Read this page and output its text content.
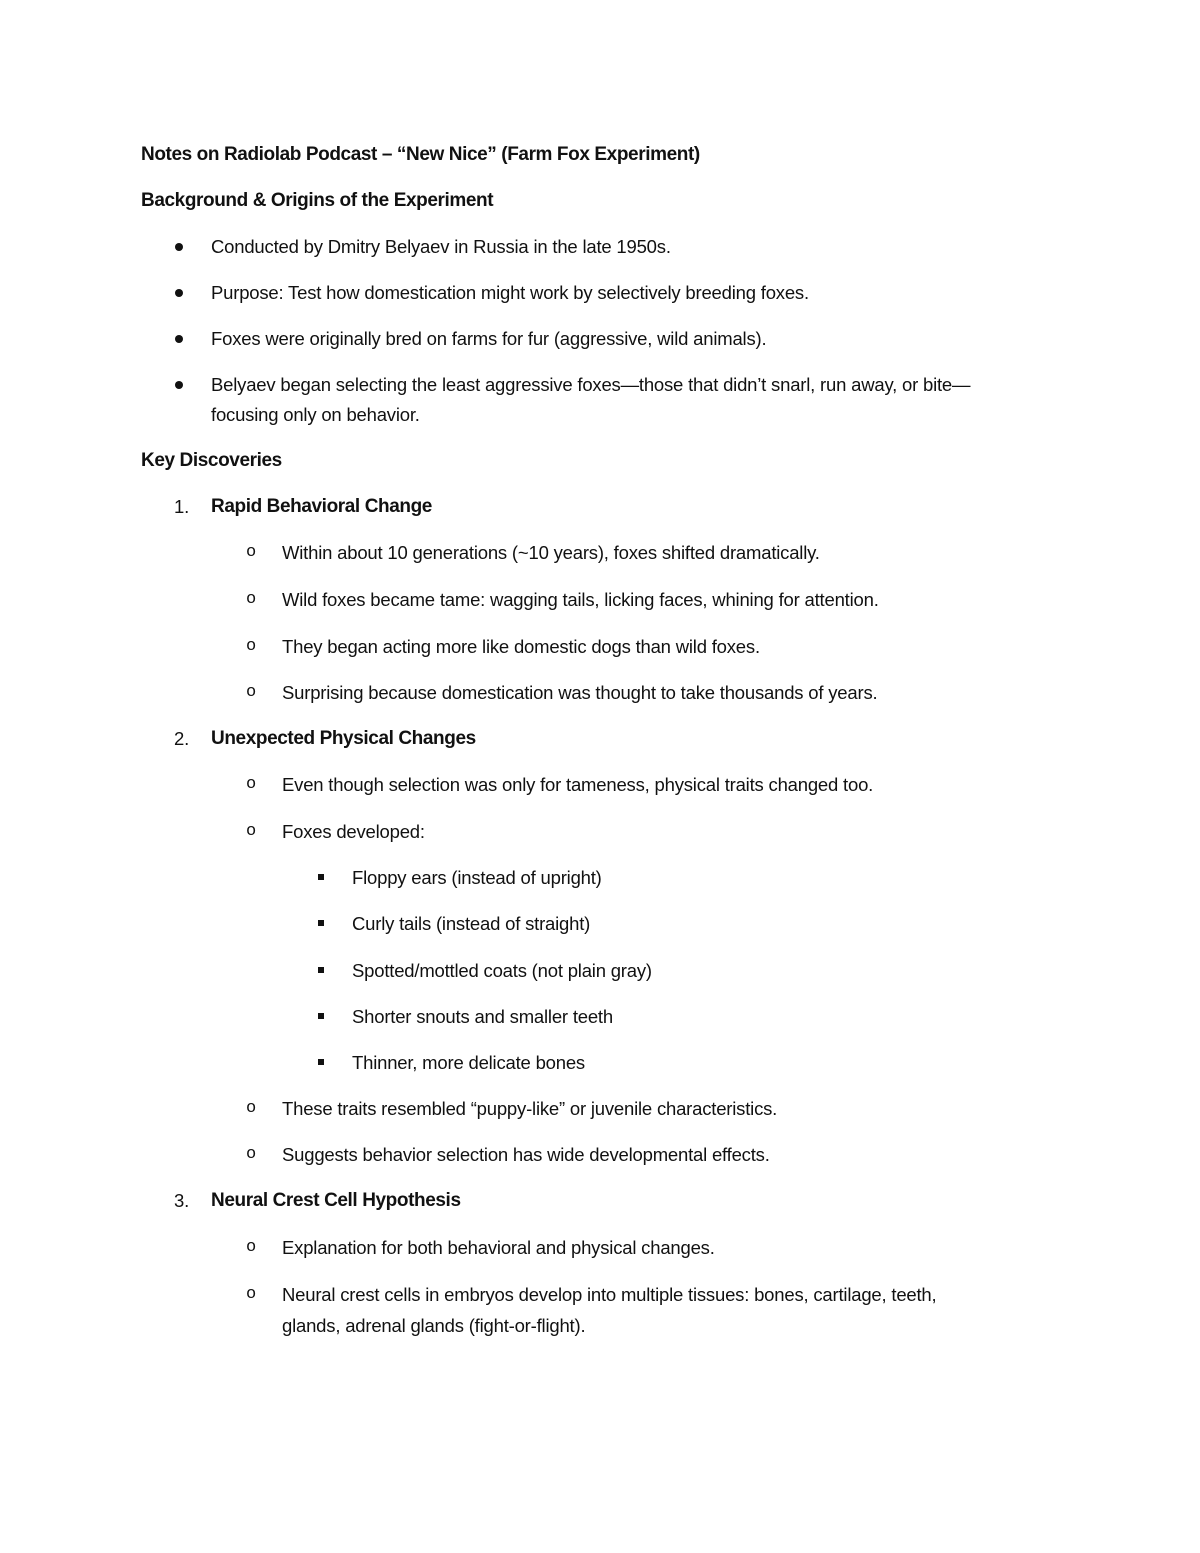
Notes on Radiolab Podcast – “New Nice” (Farm Fox Experiment)
Background & Origins of the Experiment
Conducted by Dmitry Belyaev in Russia in the late 1950s.
Purpose: Test how domestication might work by selectively breeding foxes.
Foxes were originally bred on farms for fur (aggressive, wild animals).
Belyaev began selecting the least aggressive foxes—those that didn’t snarl, run away, or bite—
focusing only on behavior.
Key Discoveries
1. Rapid Behavioral Change
o Within about 10 generations (~10 years), foxes shifted dramatically.
o Wild foxes became tame: wagging tails, licking faces, whining for attention.
o They began acting more like domestic dogs than wild foxes.
o Surprising because domestication was thought to take thousands of years.
2. Unexpected Physical Changes
o Even though selection was only for tameness, physical traits changed too.
o Foxes developed:
Floppy ears (instead of upright)
Curly tails (instead of straight)
Spotted/mottled coats (not plain gray)
Shorter snouts and smaller teeth
Thinner, more delicate bones
o These traits resembled “puppy-like” or juvenile characteristics.
o Suggests behavior selection has wide developmental effects.
3. Neural Crest Cell Hypothesis
o Explanation for both behavioral and physical changes.
o Neural crest cells in embryos develop into multiple tissues: bones, cartilage, teeth,
glands, adrenal glands (fight-or-flight).
